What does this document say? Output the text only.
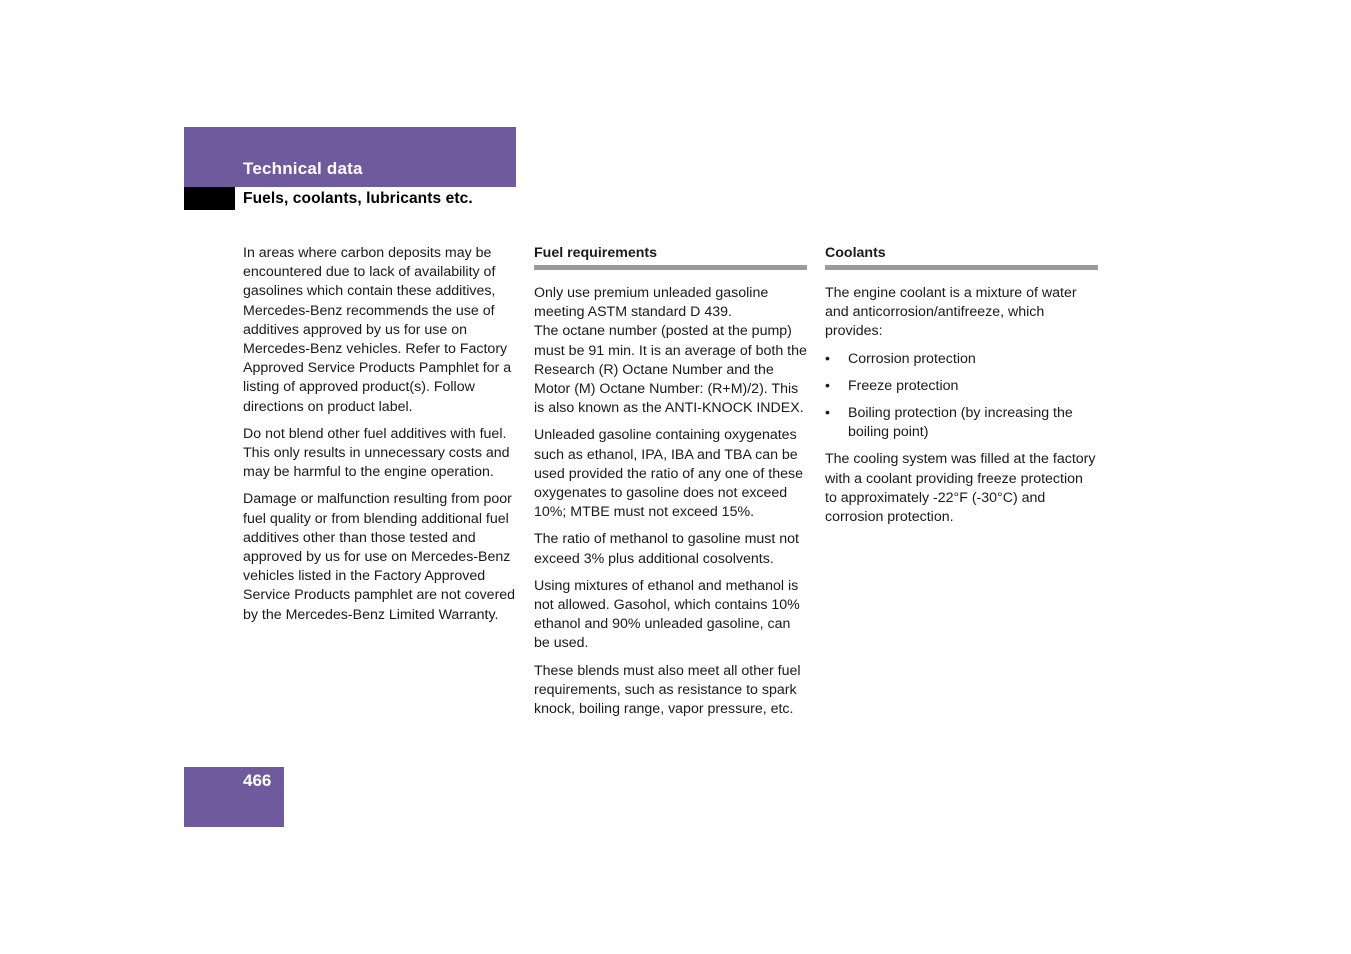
Technical data
Fuels, coolants, lubricants etc.

In areas where carbon deposits may be encountered due to lack of availability of gasolines which contain these additives, Mercedes-Benz recommends the use of additives approved by us for use on Mercedes-Benz vehicles. Refer to Factory Approved Service Products Pamphlet for a listing of approved product(s). Follow directions on product label.

Do not blend other fuel additives with fuel. This only results in unnecessary costs and may be harmful to the engine operation.

Damage or malfunction resulting from poor fuel quality or from blending additional fuel additives other than those tested and approved by us for use on Mercedes-Benz vehicles listed in the Factory Approved Service Products pamphlet are not covered by the Mercedes-Benz Limited Warranty.

Fuel requirements

Only use premium unleaded gasoline meeting ASTM standard D 439.

The octane number (posted at the pump) must be 91 min. It is an average of both the Research (R) Octane Number and the Motor (M) Octane Number: (R+M)/2). This is also known as the ANTI-KNOCK INDEX.

Unleaded gasoline containing oxygenates such as ethanol, IPA, IBA and TBA can be used provided the ratio of any one of these oxygenates to gasoline does not exceed 10%; MTBE must not exceed 15%.

The ratio of methanol to gasoline must not exceed 3% plus additional cosolvents.

Using mixtures of ethanol and methanol is not allowed. Gasohol, which contains 10% ethanol and 90% unleaded gasoline, can be used.

These blends must also meet all other fuel requirements, such as resistance to spark knock, boiling range, vapor pressure, etc.

Coolants

The engine coolant is a mixture of water and anticorrosion/antifreeze, which provides:

• Corrosion protection
• Freeze protection
• Boiling protection (by increasing the boiling point)

The cooling system was filled at the factory with a coolant providing freeze protection to approximately -22°F (-30°C) and corrosion protection.

466
